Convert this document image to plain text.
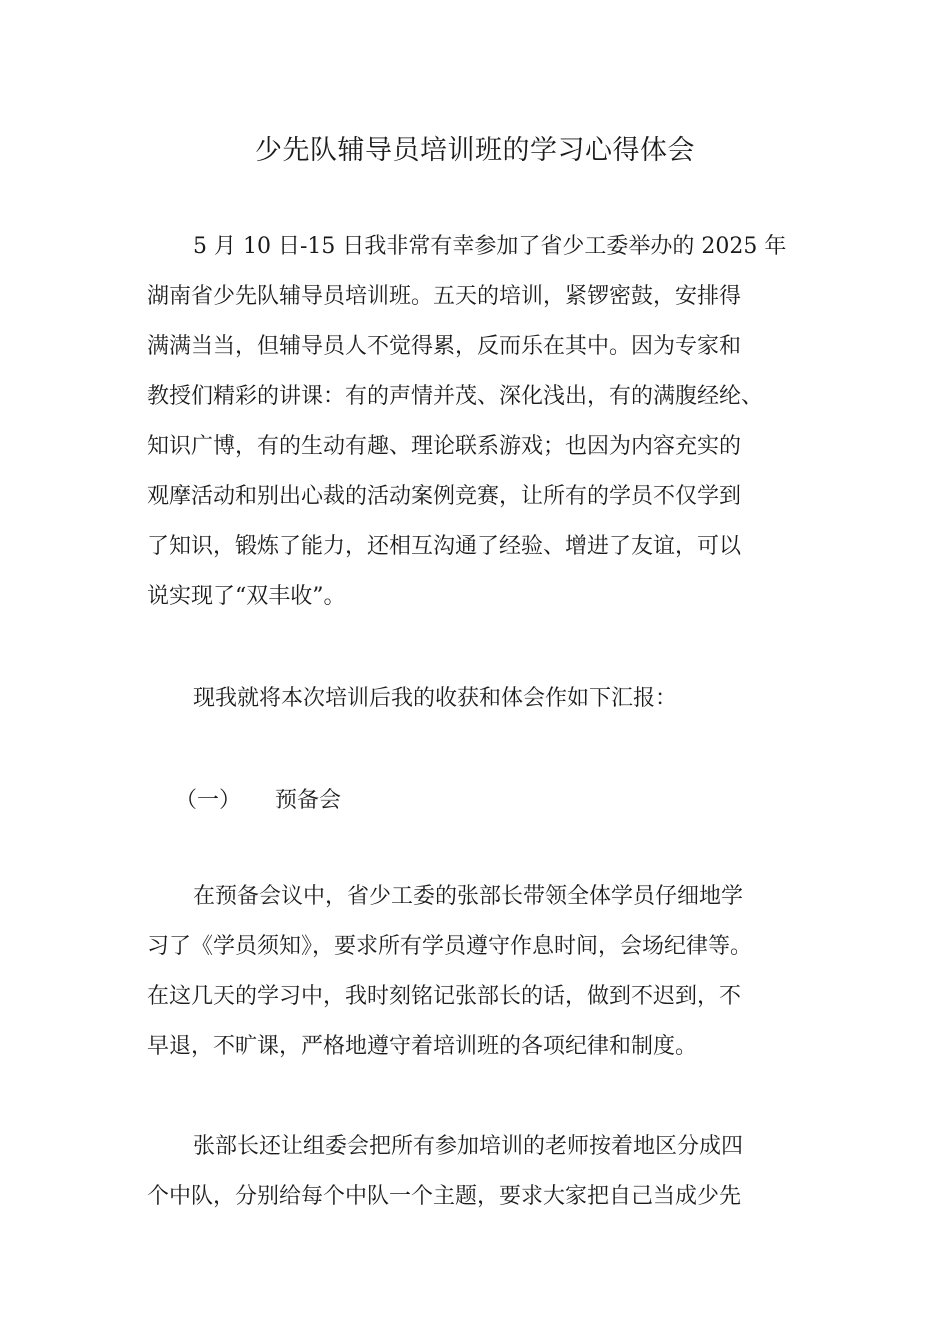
少先队辅导员培训班的学习心得体会
5 月 10 日-15 日我非常有幸参加了省少工委举办的 2025 年
湖南省少先队辅导员培训班。五天的培训，紧锣密鼓，安排得
满满当当，但辅导员人不觉得累，反而乐在其中。因为专家和
教授们精彩的讲课：有的声情并茂、深化浅出，有的满腹经纶、
知识广博，有的生动有趣、理论联系游戏；也因为内容充实的
观摩活动和别出心裁的活动案例竞赛，让所有的学员不仅学到
了知识，锻炼了能力，还相互沟通了经验、增进了友谊，可以
说实现了“双丰收”。
现我就将本次培训后我的收获和体会作如下汇报：
（一） 预备会
在预备会议中，省少工委的张部长带领全体学员仔细地学
习了《学员须知》，要求所有学员遵守作息时间，会场纪律等。
在这几天的学习中，我时刻铭记张部长的话，做到不迟到，不
早退，不旷课，严格地遵守着培训班的各项纪律和制度。
张部长还让组委会把所有参加培训的老师按着地区分成四
个中队，分别给每个中队一个主题，要求大家把自己当成少先
